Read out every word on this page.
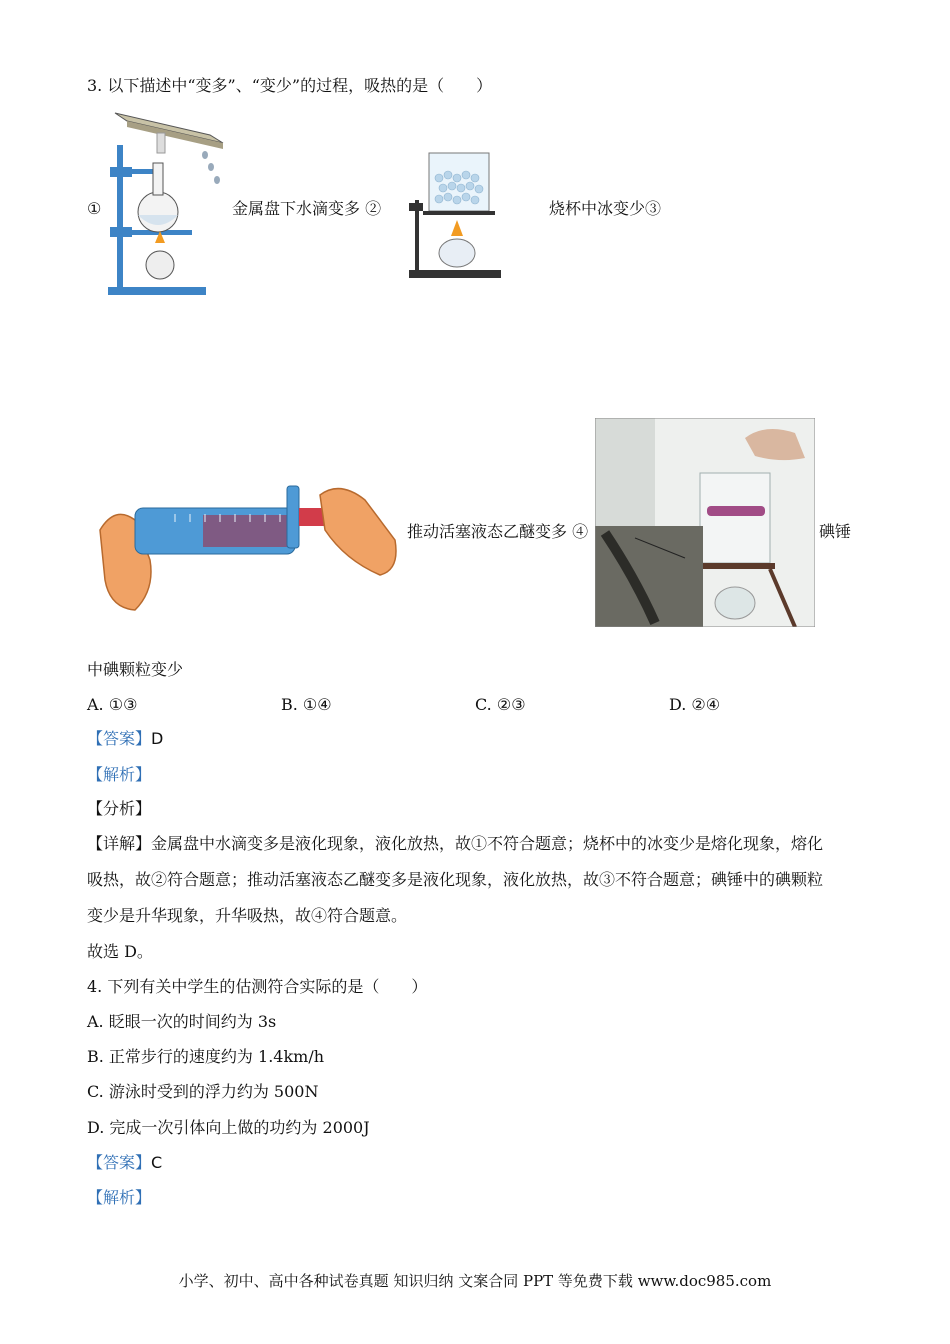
3. 以下描述中“变多”、“变少”的过程，吸热的是（　　）
①	金属盘下水滴变多 ②	烧杯中冰变少③
推动活塞液态乙醚变多 ④	碘锤
中碘颗粒变少
A. ①③	B. ①④	C. ②③	D. ②④
【答案】D
【解析】
【分析】
【详解】金属盘中水滴变多是液化现象，液化放热，故①不符合题意；烧杯中的冰变少是熔化现象，熔化
吸热，故②符合题意；推动活塞液态乙醚变多是液化现象，液化放热，故③不符合题意；碘锤中的碘颗粒
变少是升华现象，升华吸热，故④符合题意。
故选 D。
4. 下列有关中学生的估测符合实际的是（　　）
A. 眨眼一次的时间约为 3s
B. 正常步行的速度约为 1.4km/h
C. 游泳时受到的浮力约为 500N
D. 完成一次引体向上做的功约为 2000J
【答案】C
【解析】
小学、初中、高中各种试卷真题 知识归纳 文案合同 PPT 等免费下载 www.doc985.com
